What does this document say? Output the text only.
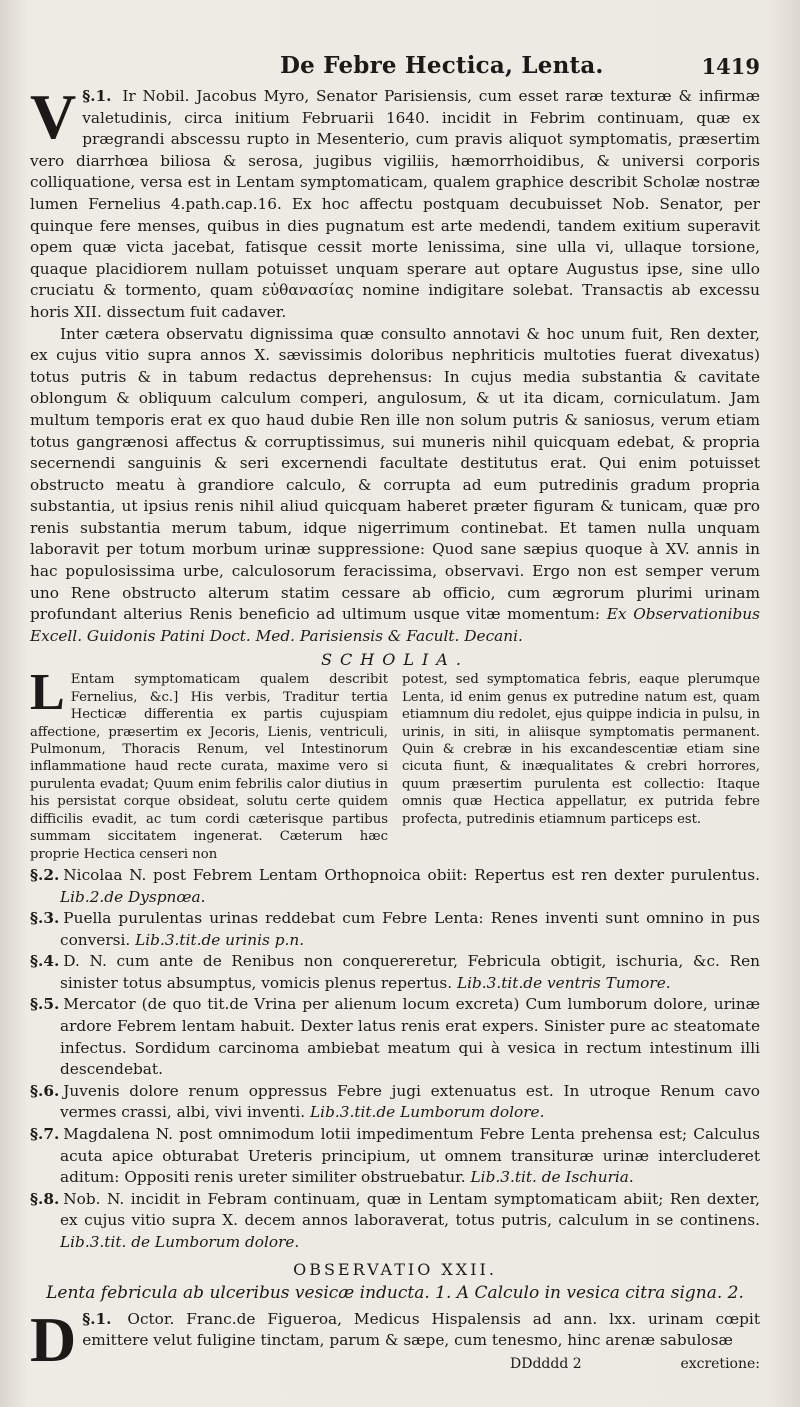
De Febre Hectica, Lenta.	1419

§.1.
V	Ir Nobil. Jacobus Myro, Senator Parisiensis, cum esset raræ texturæ & infirmæ valetudinis, circa initium Februarii 1640. incidit in Febrim continuam, quæ ex prægrandi abscessu rupto in Mesenterio, cum pravis aliquot symptomatis, præsertim vero diarrhœa biliosa & serosa, jugibus vigiliis, hæmorrhoidibus, & universi corporis colliquatione, versa est in Lentam symptomaticam, qualem graphice describit Scholæ nostræ lumen Fernelius 4.path.cap.16. Ex hoc affectu postquam decubuisset Nob. Senator, per quinque fere menses, quibus in dies pugnatum est arte medendi, tandem exitium superavit opem quæ victa jacebat, fatisque cessit morte lenissima, sine ulla vi, ullaque torsione, quaque placidiorem nullam potuisset unquam sperare aut optare Augustus ipse, sine ullo cruciatu & tormento, quam εὐθανασίας nomine indigitare solebat. Transactis ab excessu horis XII. dissectum fuit cadaver.

Inter cætera observatu dignissima quæ consulto annotavi & hoc unum fuit, Ren dexter, ex cujus vitio supra annos X. sævissimis doloribus nephriticis multoties fuerat divexatus) totus putris & in tabum redactus deprehensus: In cujus media substantia & cavitate oblongum & obliquum calculum comperi, angulosum, & ut ita dicam, corniculatum. Jam multum temporis erat ex quo haud dubie Ren ille non solum putris & saniosus, verum etiam totus gangrænosi affectus & corruptissimus, sui muneris nihil quicquam edebat, & propria secernendi sanguinis & seri excernendi facultate destitutus erat. Qui enim potuisset obstructo meatu à grandiore calculo, & corrupta ad eum putredinis gradum propria substantia, ut ipsius renis nihil aliud quicquam haberet præter figuram & tunicam, quæ pro renis substantia merum tabum, idque nigerrimum continebat. Et tamen nulla unquam laboravit per totum morbum urinæ suppressione: Quod sane sæpius quoque à XV. annis in hac populosissima urbe, calculosorum feracissima, observavi. Ergo non est semper verum uno Rene obstructo alterum statim cessare ab officio, cum ægrorum plurimi urinam profundant alterius Renis beneficio ad ultimum usque vitæ momentum: Ex Observationibus Excell. Guidonis Patini Doct. Med. Parisiensis & Facult. Decani.

SCHOLIA.
L Entam symptomaticam qualem describit Fernelius, &c.] His verbis, Traditur tertia Hecticæ differentia ex partis cujuspiam affectione, præsertim ex Jecoris, Lienis, ventriculi, Pulmonum, Thoracis Renum, vel Intestinorum inflammatione haud recte curata, maxime vero si purulenta evadat; Quum enim febrilis calor diutius in his persistat corque obsideat, solutu certe quidem difficilis evadit, ac tum cordi cæterisque partibus summam siccitatem ingenerat. Cæterum hæc proprie Hectica censeri non
potest, sed symptomatica febris, eaque plerumque Lenta, id enim genus ex putredine natum est, quam etiamnum diu redolet, ejus quippe indicia in pulsu, in urinis, in siti, in aliisque symptomatis permanent. Quin & crebræ in his excandescentiæ etiam sine cicuta fiunt, & inæqualitates & crebri horrores, quum præsertim purulenta est collectio: Itaque omnis quæ Hectica appellatur, ex putrida febre profecta, putredinis etiamnum particeps est.

§.2. Nicolaa N. post Febrem Lentam Orthopnoica obiit: Repertus est ren dexter purulentus. Lib.2.de Dyspnœa.

§.3. Puella purulentas urinas reddebat cum Febre Lenta: Renes inventi sunt omnino in pus conversi. Lib.3.tit.de urinis p.n.

§.4. D. N. cum ante de Renibus non conquereretur, Febricula obtigit, ischuria, &c. Ren sinister totus absumptus, vomicis plenus repertus. Lib.3.tit.de ventris Tumore.

§.5. Mercator (de quo tit.de Vrina per alienum locum excreta) Cum lumborum dolore, urinæ ardore Febrem lentam habuit. Dexter latus renis erat expers. Sinister pure ac steatomate infectus. Sordidum carcinoma ambiebat meatum qui à vesica in rectum intestinum illi descendebat.

§.6. Juvenis dolore renum oppressus Febre jugi extenuatus est. In utroque Renum cavo vermes crassi, albi, vivi inventi. Lib.3.tit.de Lumborum dolore.

§.7. Magdalena N. post omnimodum lotii impedimentum Febre Lenta prehensa est; Calculus acuta apice obturabat Ureteris principium, ut omnem transituræ urinæ intercluderet aditum: Oppositi renis ureter similiter obstruebatur. Lib.3.tit. de Ischuria.

§.8. Nob. N. incidit in Febram continuam, quæ in Lentam symptomaticam abiit; Ren dexter, ex cujus vitio supra X. decem annos laboraverat, totus putris, calculum in se continens. Lib.3.tit. de Lumborum dolore.

OBSERVATIO XXII.
Lenta febricula ab ulceribus vesicæ inducta. 1. A Calculo in vesica citra signa. 2.

§.1.
D	Octor. Franc.de Figueroa, Medicus Hispalensis ad ann. lxx. urinam cœpit emittere velut fuligine tinctam, parum & sæpe, cum tenesmo, hinc arenæ sabulosæ

DDdddd 2	excretione:
